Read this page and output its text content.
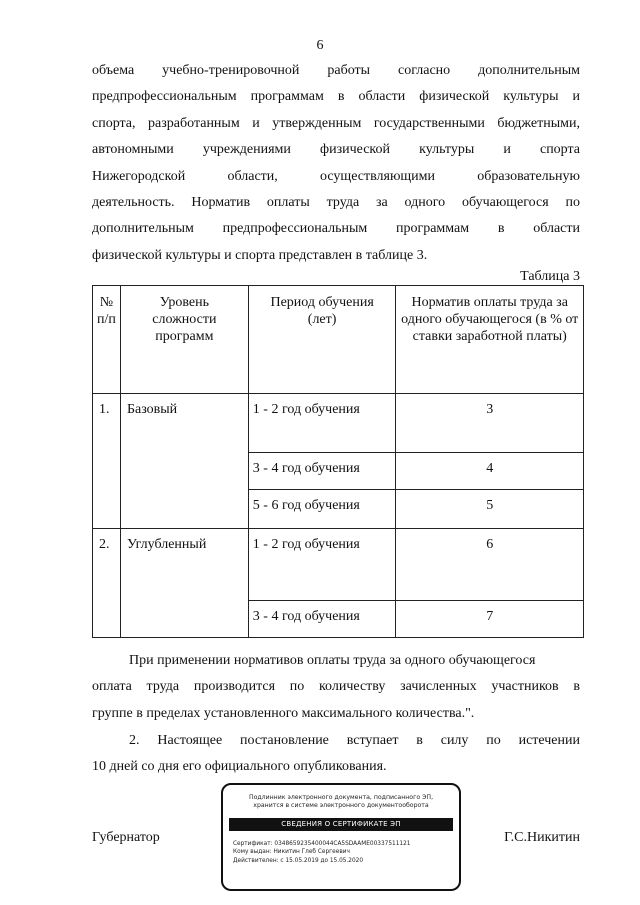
6
объема учебно-тренировочной работы согласно дополнительным
предпрофессиональным программам в области физической культуры и
спорта, разработанным и утвержденным государственными бюджетными,
автономными учреждениями физической культуры и спорта
Нижегородской области, осуществляющими образовательную
деятельность. Норматив оплаты труда за одного обучающегося по
дополнительным предпрофессиональным программам в области
физической культуры и спорта представлен в таблице 3.
Таблица 3
№ п/п	Уровень сложности программ	Период обучения (лет)	Норматив оплаты труда за одного обучающегося (в % от ставки заработной платы)
1.	Базовый	1 - 2 год обучения	3
		3 - 4 год обучения	4
		5 - 6 год обучения	5
2.	Углубленный	1 - 2 год обучения	6
		3 - 4 год обучения	7
При применении нормативов оплаты труда за одного обучающегося
оплата труда производится по количеству зачисленных участников в
группе в пределах установленного максимального количества.".
2. Настоящее постановление вступает в силу по истечении
10 дней со дня его официального опубликования.
Губернатор	Г.С.Никитин
Подлинник электронного документа, подписанного ЭП,
хранится в системе электронного документооборота
СВЕДЕНИЯ О СЕРТИФИКАТЕ ЭП
Сертификат: 0348659235400044CA5SDAAME00337511121
Кому выдан: Никитин Глеб Сергеевич
Действителен: с 15.05.2019 до 15.05.2020
